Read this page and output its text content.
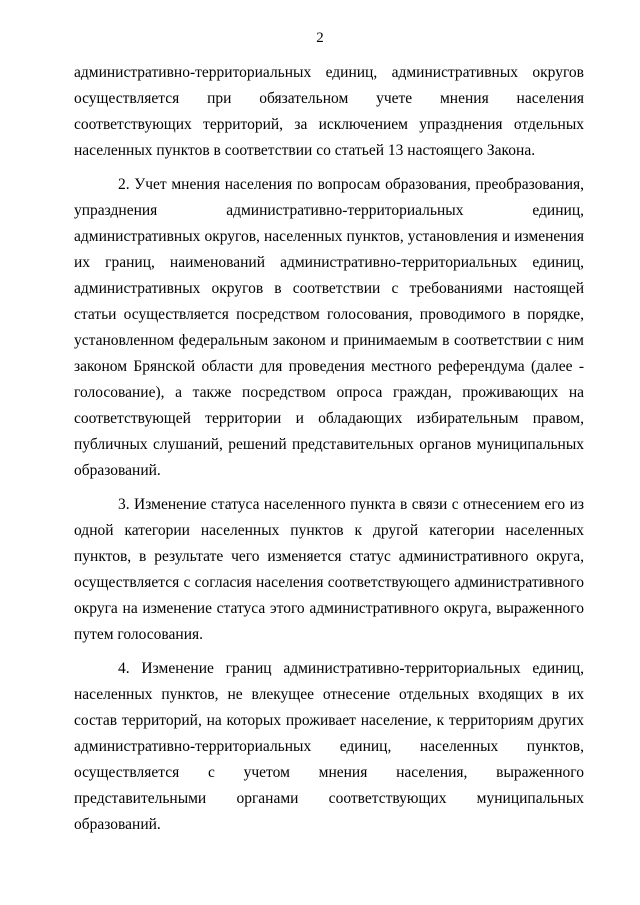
2

административно-территориальных единиц, административных округов осуществляется при обязательном учете мнения населения соответствующих территорий, за исключением упразднения отдельных населенных пунктов в соответствии со статьей 13 настоящего Закона.

2. Учет мнения населения по вопросам образования, преобразования, упразднения административно-территориальных единиц, административных округов, населенных пунктов, установления и изменения их границ, наименований административно-территориальных единиц, административных округов в соответствии с требованиями настоящей статьи осуществляется посредством голосования, проводимого в порядке, установленном федеральным законом и принимаемым в соответствии с ним законом Брянской области для проведения местного референдума (далее - голосование), а также посредством опроса граждан, проживающих на соответствующей территории и обладающих избирательным правом, публичных слушаний, решений представительных органов муниципальных образований.

3. Изменение статуса населенного пункта в связи с отнесением его из одной категории населенных пунктов к другой категории населенных пунктов, в результате чего изменяется статус административного округа, осуществляется с согласия населения соответствующего административного округа на изменение статуса этого административного округа, выраженного путем голосования.

4. Изменение границ административно-территориальных единиц, населенных пунктов, не влекущее отнесение отдельных входящих в их состав территорий, на которых проживает население, к территориям других административно-территориальных единиц, населенных пунктов, осуществляется с учетом мнения населения, выраженного представительными органами соответствующих муниципальных образований.
